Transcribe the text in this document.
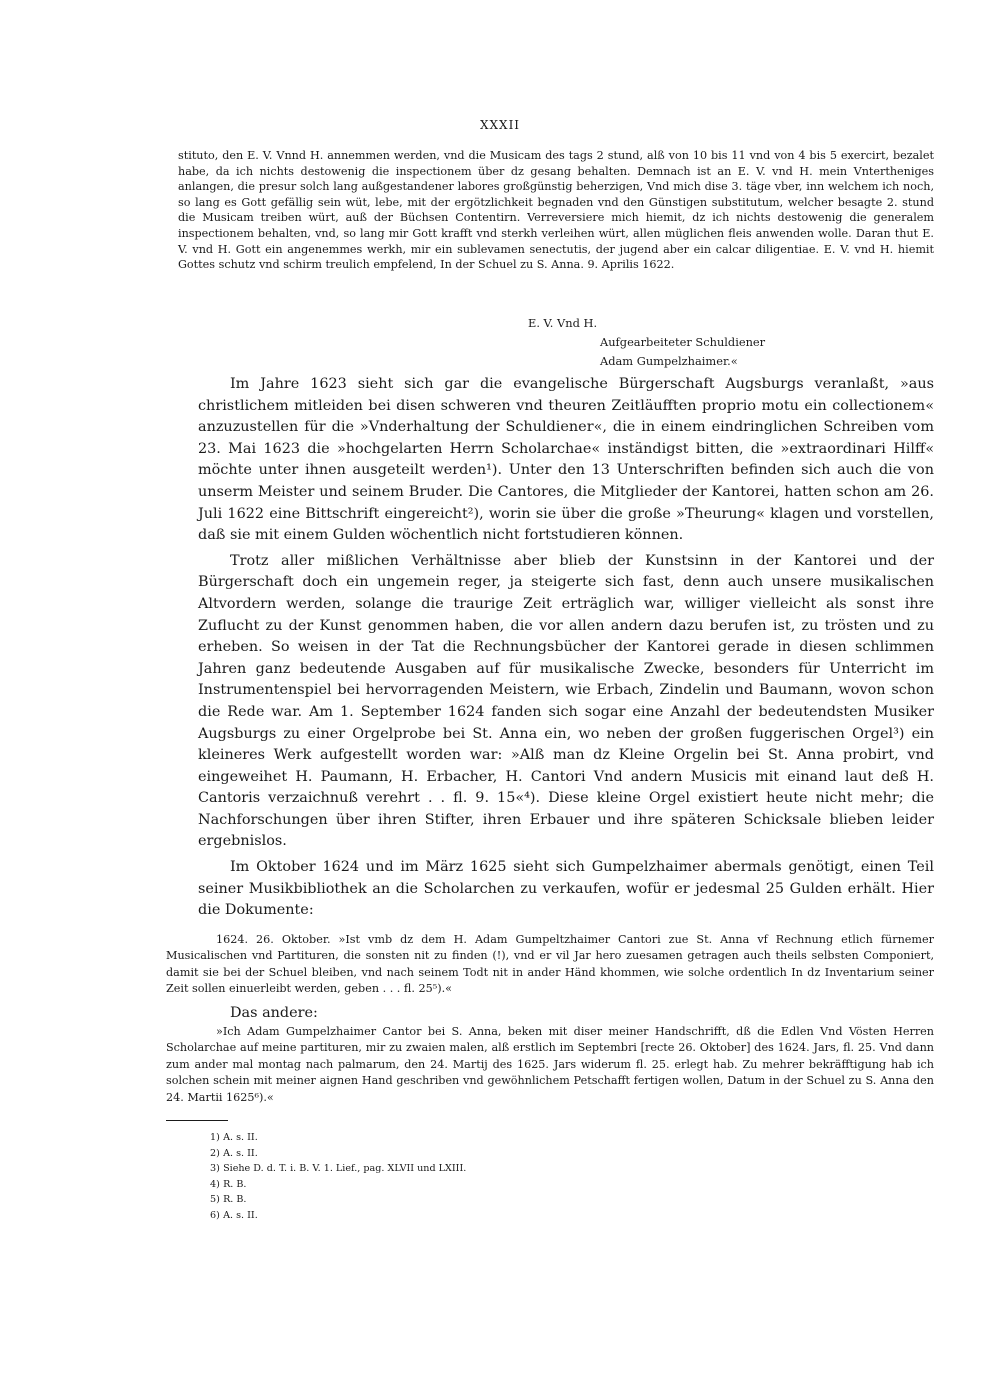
XXXII

stituto, den E. V. Vnnd H. annemmen werden, vnd die Musicam des tags 2 stund, alß von 10 bis 11 vnd von 4 bis 5 exercirt, bezalet habe, da ich nichts destowenig die inspectionem über dz gesang behalten. Demnach ist an E. V. vnd H. mein Vntertheniges anlangen, die presur solch lang außgestandener labores großgünstig beherzigen, Vnd mich dise 3. täge vber, inn welchem ich noch, so lang es Gott gefällig sein wüt, lebe, mit der ergötzlichkeit begnaden vnd den Günstigen substitutum, welcher besagte 2. stund die Musicam treiben würt, auß der Büchsen Contentirn. Verreversiere mich hiemit, dz ich nichts destowenig die generalem inspectionem behalten, vnd, so lang mir Gott krafft vnd sterkh verleihen würt, allen müglichen fleis anwenden wolle. Daran thut E. V. vnd H. Gott ein angenemmes werkh, mir ein sublevamen senectutis, der jugend aber ein calcar diligentiae. E. V. vnd H. hiemit Gottes schutz vnd schirm treulich empfelend, In der Schuel zu S. Anna. 9. Aprilis 1622.

E. V. Vnd H.
Aufgearbeiteter Schuldiener
Adam Gumpelzhaimer.«

Im Jahre 1623 sieht sich gar die evangelische Bürgerschaft Augsburgs veranlaßt, »aus christlichem mitleiden bei disen schweren vnd theuren Zeitläufften proprio motu ein collectionem« anzuzustellen für die »Vnderhaltung der Schuldiener«, die in einem eindringlichen Schreiben vom 23. Mai 1623 die »hochgelarten Herrn Scholarchae« inständigst bitten, die »extraordinari Hilff« möchte unter ihnen ausgeteilt werden¹). Unter den 13 Unterschriften befinden sich auch die von unserm Meister und seinem Bruder. Die Cantores, die Mitglieder der Kantorei, hatten schon am 26. Juli 1622 eine Bittschrift eingereicht²), worin sie über die große »Theurung« klagen und vorstellen, daß sie mit einem Gulden wöchentlich nicht fortstudieren können.

Trotz aller mißlichen Verhältnisse aber blieb der Kunstsinn in der Kantorei und der Bürgerschaft doch ein ungemein reger, ja steigerte sich fast, denn auch unsere musikalischen Altvordern werden, solange die traurige Zeit erträglich war, williger vielleicht als sonst ihre Zuflucht zu der Kunst genommen haben, die vor allen andern dazu berufen ist, zu trösten und zu erheben. So weisen in der Tat die Rechnungsbücher der Kantorei gerade in diesen schlimmen Jahren ganz bedeutende Ausgaben auf für musikalische Zwecke, besonders für Unterricht im Instrumentenspiel bei hervorragenden Meistern, wie Erbach, Zindelin und Baumann, wovon schon die Rede war. Am 1. September 1624 fanden sich sogar eine Anzahl der bedeutendsten Musiker Augsburgs zu einer Orgelprobe bei St. Anna ein, wo neben der großen fuggerischen Orgel³) ein kleineres Werk aufgestellt worden war: »Alß man dz Kleine Orgelin bei St. Anna probirt, vnd eingeweihet H. Paumann, H. Erbacher, H. Cantori Vnd andern Musicis mit einand laut deß H. Cantoris verzaichnuß verehrt . . fl. 9. 15«⁴). Diese kleine Orgel existiert heute nicht mehr; die Nachforschungen über ihren Stifter, ihren Erbauer und ihre späteren Schicksale blieben leider ergebnislos.

Im Oktober 1624 und im März 1625 sieht sich Gumpelzhaimer abermals genötigt, einen Teil seiner Musikbibliothek an die Scholarchen zu verkaufen, wofür er jedesmal 25 Gulden erhält. Hier die Dokumente:

1624. 26. Oktober. »Ist vmb dz dem H. Adam Gumpeltzhaimer Cantori zue St. Anna vf Rechnung etlich fürnemer Musicalischen vnd Partituren, die sonsten nit zu finden (!), vnd er vil Jar hero zuesamen getragen auch theils selbsten Componiert, damit sie bei der Schuel bleiben, vnd nach seinem Todt nit in ander Händ khommen, wie solche ordentlich In dz Inventarium seiner Zeit sollen einuerleibt werden, geben . . . fl. 25⁵).«

Das andere:

»Ich Adam Gumpelzhaimer Cantor bei S. Anna, beken mit diser meiner Handschrifft, dß die Edlen Vnd Vösten Herren Scholarchae auf meine partituren, mir zu zwaien malen, alß erstlich im Septembri [recte 26. Oktober] des 1624. Jars, fl. 25. Vnd dann zum ander mal montag nach palmarum, den 24. Martij des 1625. Jars widerum fl. 25. erlegt hab. Zu mehrer bekräfftigung hab ich solchen schein mit meiner aignen Hand geschriben vnd gewöhnlichem Petschafft fertigen wollen, Datum in der Schuel zu S. Anna den 24. Martii 1625⁶).«

1) A. s. II.
2) A. s. II.
3) Siehe D. d. T. i. B. V. 1. Lief., pag. XLVII und LXIII.
4) R. B.
5) R. B.
6) A. s. II.
